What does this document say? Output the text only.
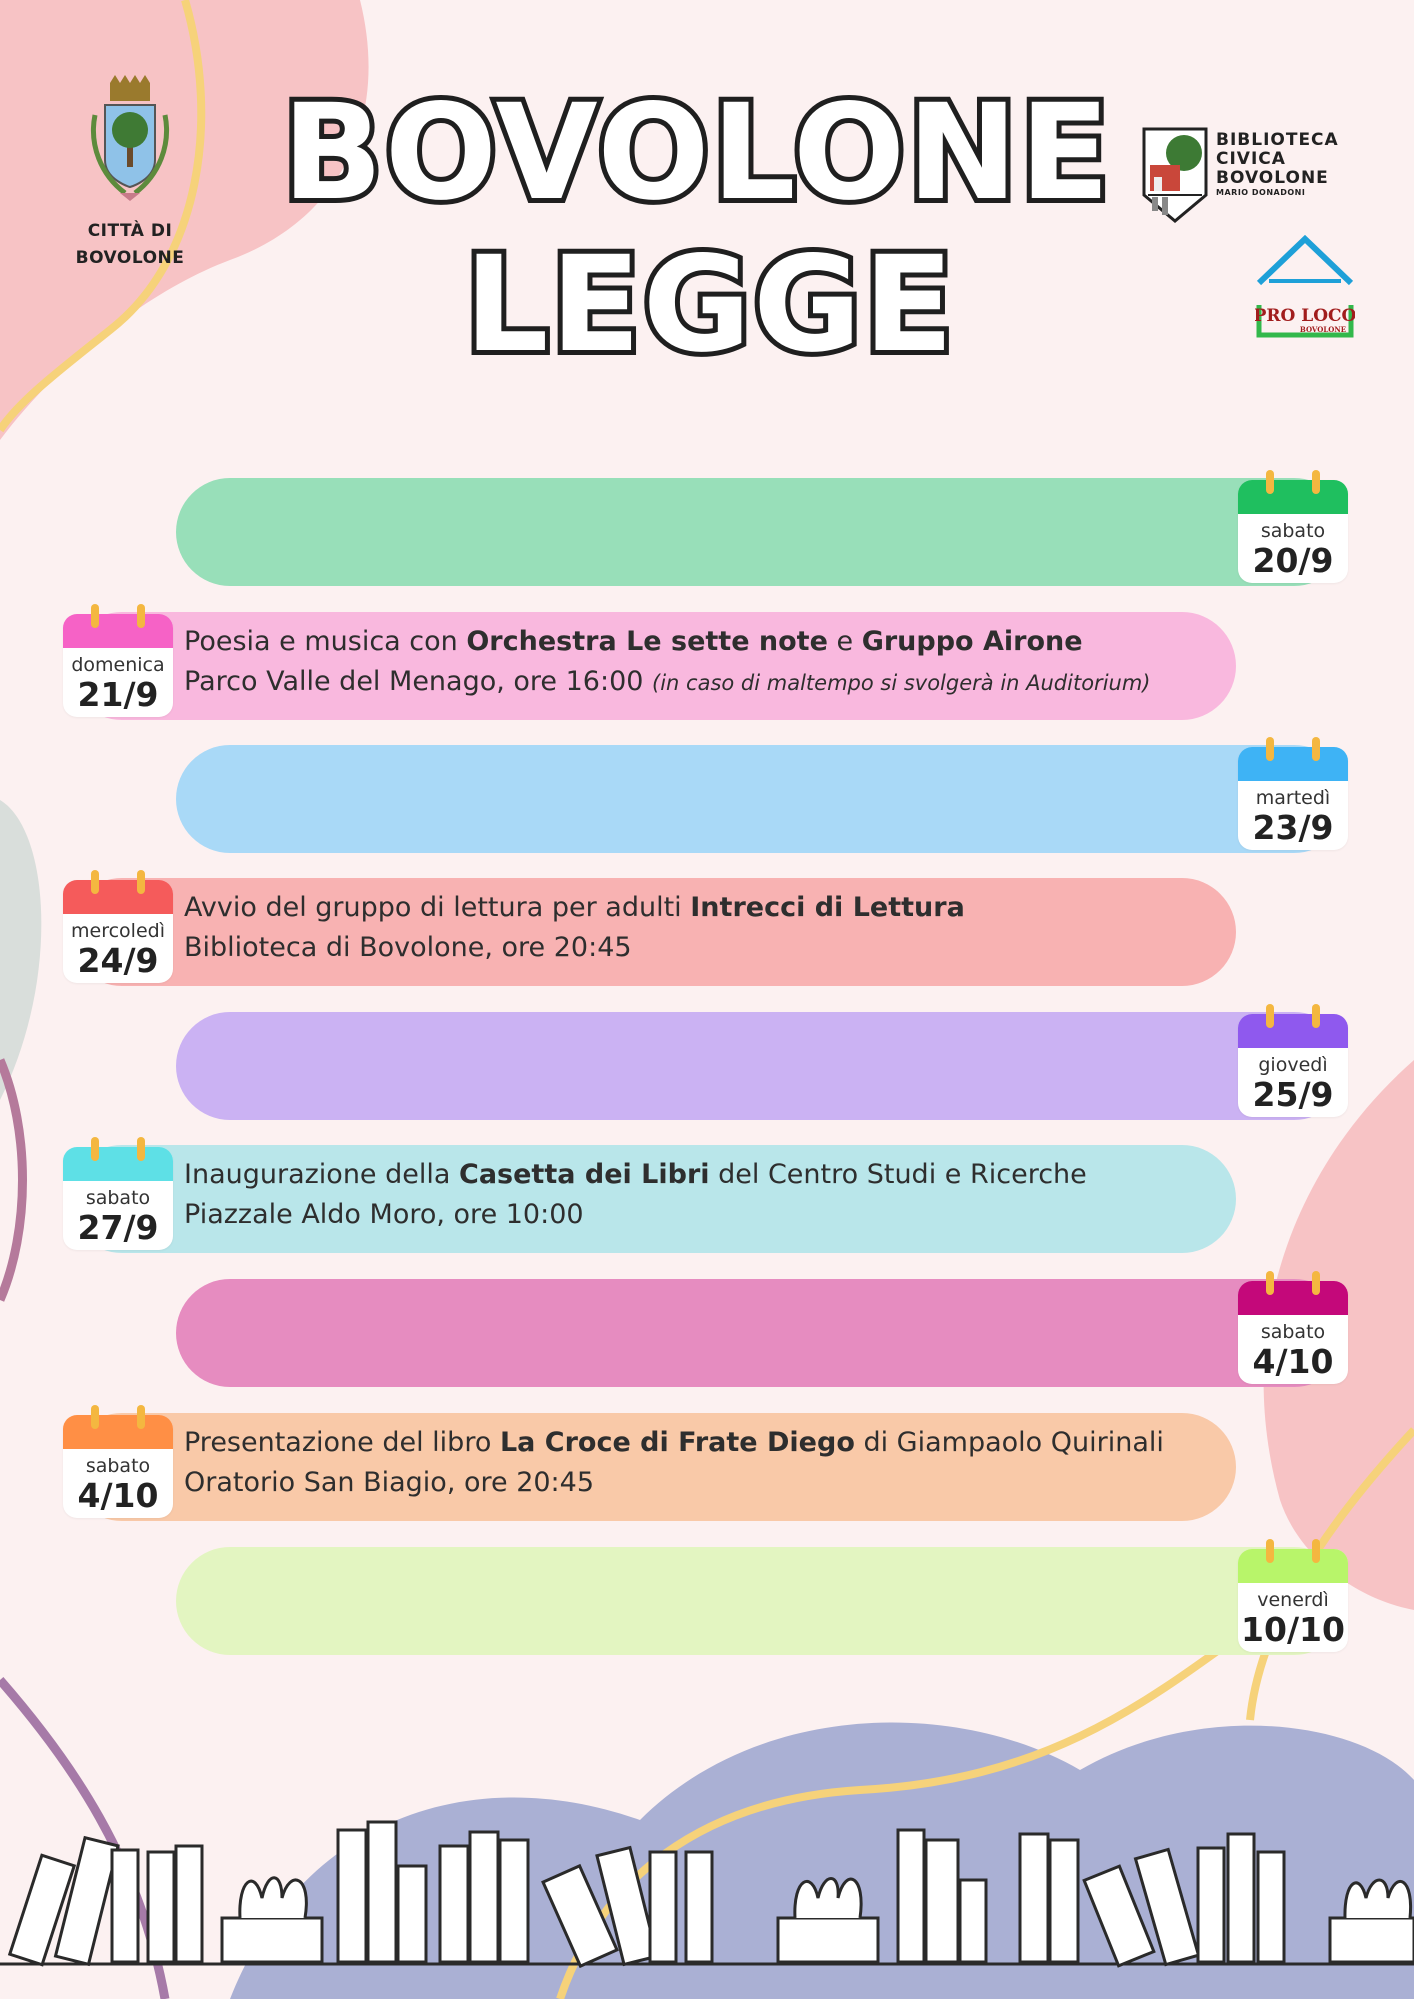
CITTÀ DI
BOVOLONE
BOVOLONE
LEGGE
BIBLIOTECA
CIVICA
BOVOLONE
MARIO DONADONI
PRO LOCO
BOVOLONE
sabato
20/9
Poesia e musica con Orchestra Le sette note e Gruppo Airone
Parco Valle del Menago, ore 16:00 (in caso di maltempo si svolgerà in Auditorium)
domenica
21/9
martedì
23/9
Avvio del gruppo di lettura per adulti Intrecci di Lettura
Biblioteca di Bovolone, ore 20:45
mercoledì
24/9
giovedì
25/9
Inaugurazione della Casetta dei Libri del Centro Studi e Ricerche
Piazzale Aldo Moro, ore 10:00
sabato
27/9
sabato
4/10
Presentazione del libro La Croce di Frate Diego di Giampaolo Quirinali
Oratorio San Biagio, ore 20:45
sabato
4/10
venerdì
10/10
